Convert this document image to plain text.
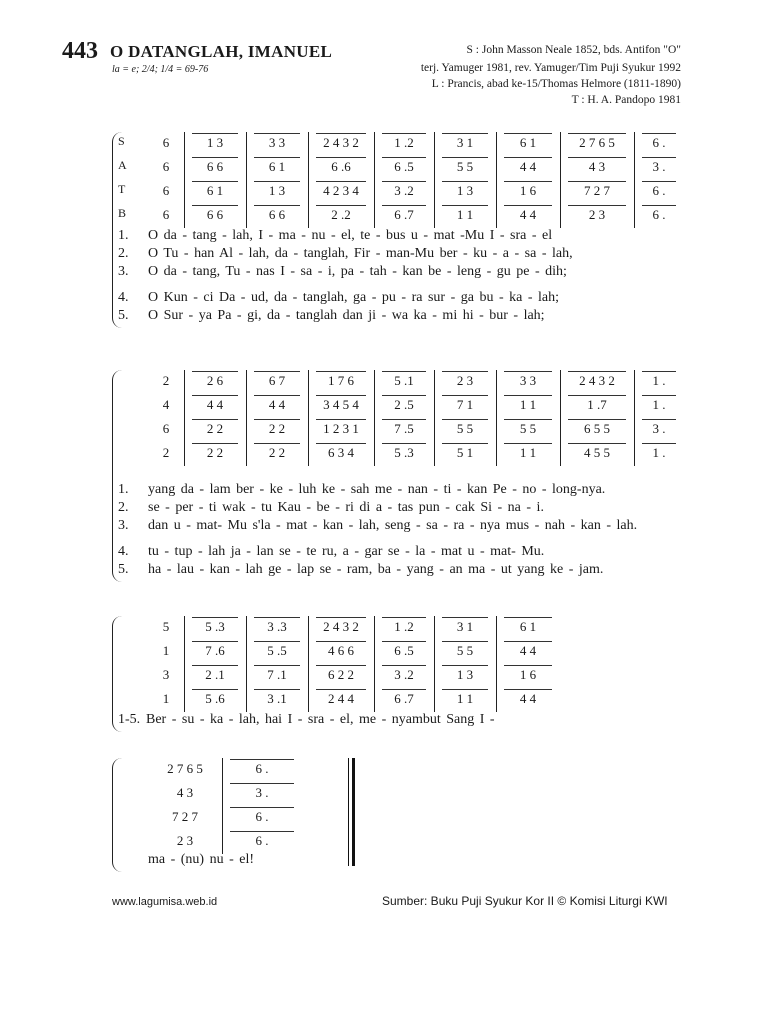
443 O DATANGLAH, IMANUEL
la = e; 2/4; 1/4 = 69-76
S : John Masson Neale 1852, bds. Antifon "O"
terj. Yamuger 1981, rev. Yamuger/Tim Puji Syukur 1992
L : Prancis, abad ke-15/Thomas Helmore (1811-1890)
T : H. A. Pandopo 1981
S	6	1 3	3 3	2 4 3 2	1 .2	3 1	6 1	2 7 6 5	6 .
A	6	6 6	6 1	6 .6	6 .5	5 5	4 4	4 3	3 .
T	6	6 1	1 3	4 2 3 4	3 .2	1 3	1 6	7 2 7	6 .
B	6	6 6	6 6	2 .2	6 .7	1 1	4 4	2 3	6 .
1. O da - tang - lah, I - ma - nu - el, te - bus u - mat -Mu I - sra - el
2. O Tu - han Al - lah, da - tanglah, Fir - man-Mu ber - ku - a - sa - lah,
3. O da - tang, Tu - nas I - sa - i, pa - tah - kan be - leng - gu pe - dih;
4. O Kun - ci Da - ud, da - tanglah, ga - pu - ra sur - ga bu - ka - lah;
5. O Sur - ya Pa - gi, da - tanglah dan ji - wa ka - mi hi - bur - lah;
2	2 6	6 7	1 7 6	5 .1	2 3	3 3	2 4 3 2	1 .
4	4 4	4 4	3 4 5 4	2 .5	7 1	1 1	1 .7	1 .
6	2 2	2 2	1 2 3 1	7 .5	5 5	5 5	6 5 5	3 .
2	2 2	2 2	6 3 4	5 .3	5 1	1 1	4 5 5	1 .
1. yang da - lam ber - ke - luh ke - sah me - nan - ti - kan Pe - no - long-nya.
2. se - per - ti wak - tu Kau - be - ri di a - tas pun - cak Si - na - i.
3. dan u - mat- Mu s'la - mat - kan - lah, seng - sa - ra - nya mus - nah - kan - lah.
4. tu - tup - lah ja - lan se - te ru, a - gar se - la - mat u - mat- Mu.
5. ha - lau - kan - lah ge - lap se - ram, ba - yang - an ma - ut yang ke - jam.
5	5 .3	3 .3	2 4 3 2	1 .2	3 1	6 1
1	7 .6	5 .5	4 6 6	6 .5	5 5	4 4
3	2 .1	7 .1	6 2 2	3 .2	1 3	1 6
1	5 .6	3 .1	2 4 4	6 .7	1 1	4 4
1-5. Ber - su - ka - lah, hai I - sra - el, me - nyambut Sang I -
2 7 6 5	6 .
4 3	3 .
7 2 7	6 .
2 3	6 .
ma - (nu) nu - el!
www.lagumisa.web.id	Sumber: Buku Puji Syukur Kor II © Komisi Liturgi KWI
